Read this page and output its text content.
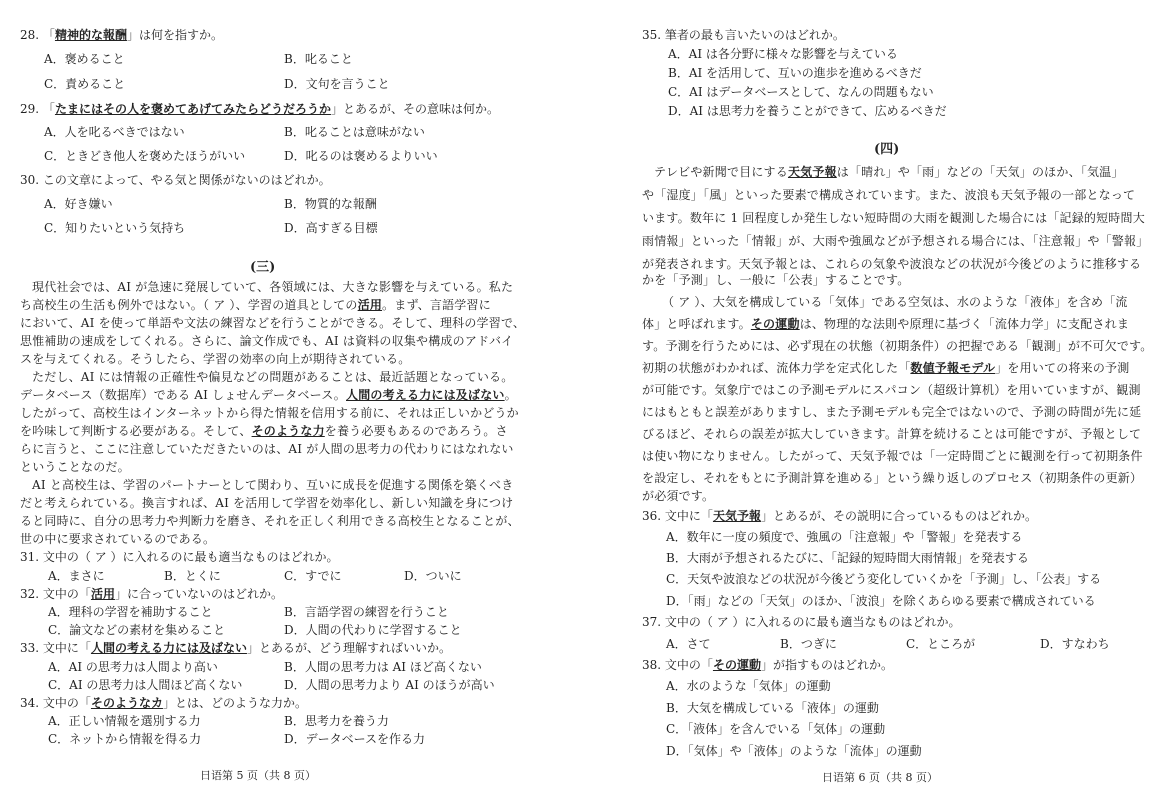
28. 「精神的な報酬」は何を指すか。
A．褒めること	B．叱ること
C．責めること	D．文句を言うこと
29. 「たまにはその人を褒めてあげてみたらどうだろうか」とあるが、その意味は何か。
A．人を叱るべきではない	B．叱ることは意味がない
C．ときどき他人を褒めたほうがいい	D．叱るのは褒めるよりいい
30. この文章によって、やる気と関係がないのはどれか。
A．好き嫌い	B．物質的な報酬
C．知りたいという気持ち	D．高すぎる目標
(三)
現代社会では、AI が急速に発展していて、各領域には、大きな影響を与えている。私た
ち高校生の生活も例外ではない。（ ア ）、学習の道具としての活用。まず、言語学習に
において、AI を使って単語や文法の練習などを行うことができる。そして、理科の学習で、
思惟補助の速成をしてくれる。さらに、論文作成でも、AI は資料の収集や構成のアドバイ
スを与えてくれる。そうしたら、学習の効率の向上が期待されている。
ただし、AI には情報の正確性や偏見などの問題があることは、最近話題となっている。
データベース（数据库）である AI しょせんデータベース。人間の考える力には及ばない。
したがって、高校生はインターネットから得た情報を信用する前に、それは正しいかどうか
を吟味して判断する必要がある。そして、そのような力を養う必要もあるのであろう。さ
らに言うと、ここに注意していただきたいのは、AI が人間の思考力の代わりにはなれない
ということなのだ。
AI と高校生は、学習のパートナーとして関わり、互いに成長を促進する関係を築くべき
だと考えられている。換言すれば、AI を活用して学習を効率化し、新しい知識を身につけ
ると同時に、自分の思考力や判断力を磨き、それを正しく利用できる高校生となることが、
世の中に要求されているのである。
31. 文中の（ ア ）に入れるのに最も適当なものはどれか。
A．まさに	B．とくに	C．すでに	D．ついに
32. 文中の「活用」に合っていないのはどれか。
A．理科の学習を補助すること	B．言語学習の練習を行うこと
C．論文などの素材を集めること	D．人間の代わりに学習すること
33. 文中に「人間の考える力には及ばない」とあるが、どう理解すればいいか。
A．AI の思考力は人間より高い	B．人間の思考力は AI ほど高くない
C．AI の思考力は人間ほど高くない	D．人間の思考力より AI のほうが高い
34. 文中の「そのようなカ」とは、どのような力か。
A．正しい情報を選別する力	B．思考力を養う力
C．ネットから情報を得る力	D．データベースを作る力
日语第 5 页（共 8 页）
35. 筆者の最も言いたいのはどれか。
A．AI は各分野に様々な影響を与えている
B．AI を活用して、互いの進歩を進めるべきだ
C．AI はデータベースとして、なんの問題もない
D．AI は思考力を養うことができて、広めるべきだ
(四)
テレビや新聞で目にする天気予報は「晴れ」や「雨」などの「天気」のほか、「気温」
や「湿度」「風」といった要素で構成されています。また、波浪も天気予報の一部となって
います。数年に 1 回程度しか発生しない短時間の大雨を観測した場合には「記録的短時間大
雨情報」といった「情報」が、大雨や強風などが予想される場合には、「注意報」や「警報」
が発表されます。天気予報とは、これらの気象や波浪などの状況が今後どのように推移する
かを「予測」し、一般に「公表」することです。
（ ア ）、大気を構成している「気体」である空気は、水のような「液体」を含め「流
体」と呼ばれます。その運動は、物理的な法則や原理に基づく「流体力学」に支配されま
す。予測を行うためには、必ず現在の状態（初期条件）の把握である「観測」が不可欠です。
初期の状態がわかれば、流体力学を定式化した「数値予報モデル」を用いての将来の予測
が可能です。気象庁ではこの予測モデルにスパコン（超级计算机）を用いていますが、観測
にはもともと誤差がありますし、また予測モデルも完全ではないので、予測の時間が先に延
びるほど、それらの誤差が拡大していきます。計算を続けることは可能ですが、予報として
は使い物になりません。したがって、天気予報では「一定時間ごとに観測を行って初期条件
を設定し、それをもとに予測計算を進める」という繰り返しのプロセス（初期条件の更新）
が必須です。
36. 文中に「天気予報」とあるが、その説明に合っているものはどれか。
A．数年に一度の頻度で、強風の「注意報」や「警報」を発表する
B．大雨が予想されるたびに、「記録的短時間大雨情報」を発表する
C．天気や波浪などの状況が今後どう変化していくかを「予測」し、「公表」する
D．「雨」などの「天気」のほか、「波浪」を除くあらゆる要素で構成されている
37. 文中の（ ア ）に入れるのに最も適当なものはどれか。
A．さて	B．つぎに	C．ところが	D．すなわち
38. 文中の「その運動」が指すものはどれか。
A．水のような「気体」の運動
B．大気を構成している「液体」の運動
C．「液体」を含んでいる「気体」の運動
D．「気体」や「液体」のような「流体」の運動
日语第 6 页（共 8 页）
